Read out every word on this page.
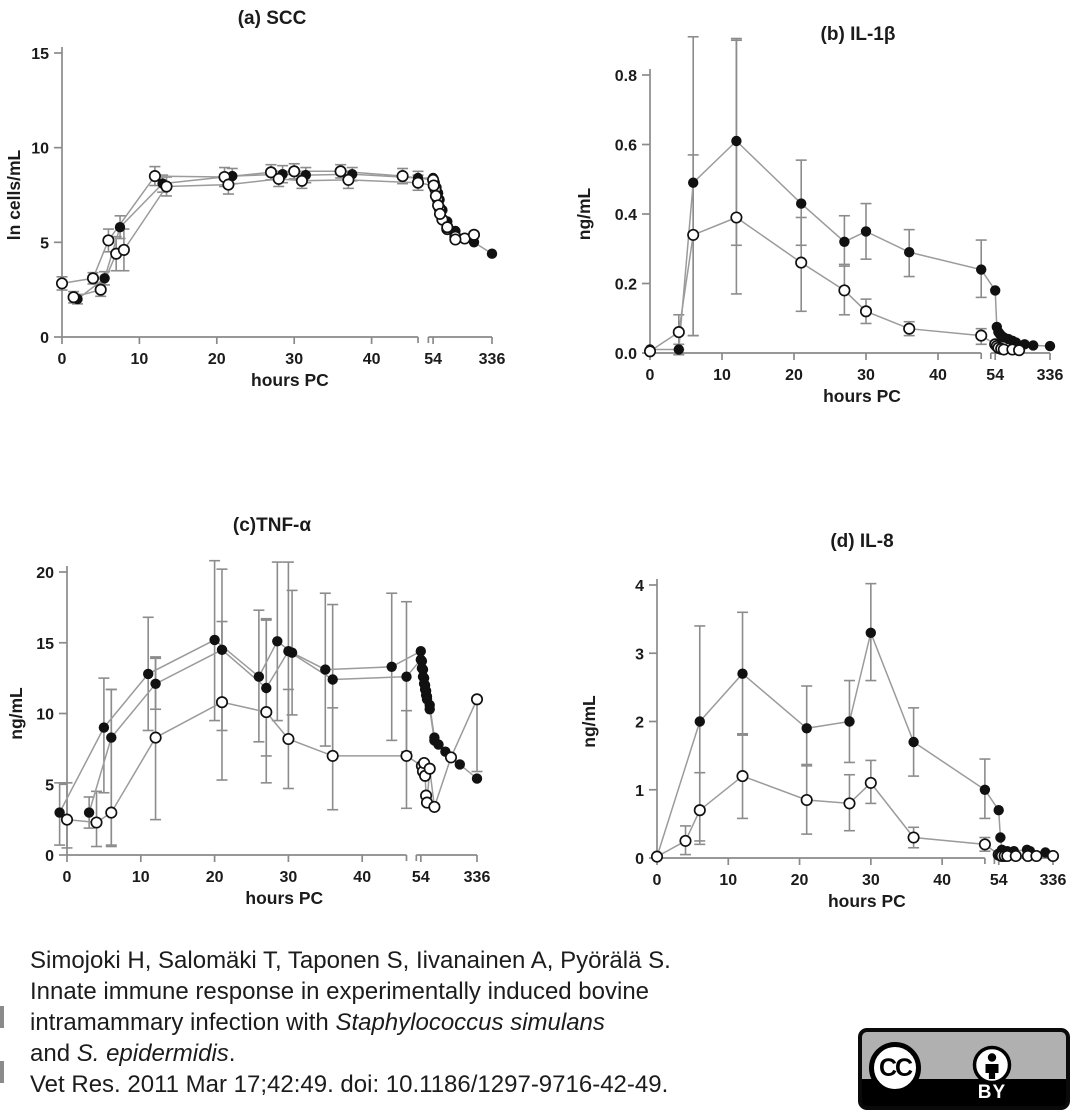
0
5
10
15
0	10	20	30	40	54 336
(a) SCC
hours PC
ln cells/mL
0.0
0.2
0.4
0.6
0.8
0	10	20	30	40 54 336
(b) IL-1β
hours PC
ng/mL
0
5
10
15
20
0	10	20	30	40	54 336
(c)TNF-α
hours PC
ng/mL
0
1
2
3
4
0	10	20	30	40 54 336
(d) IL-8
hours PC
ng/mL
Simojoki H, Salomäki T, Taponen S, Iivanainen A, Pyörälä S.
Innate immune response in experimentally induced bovine
intramammary infection with Staphylococcus simulans
and S. epidermidis.
Vet Res. 2011 Mar 17;42:49. doi: 10.1186/1297-9716-42-49.
CC
BY
